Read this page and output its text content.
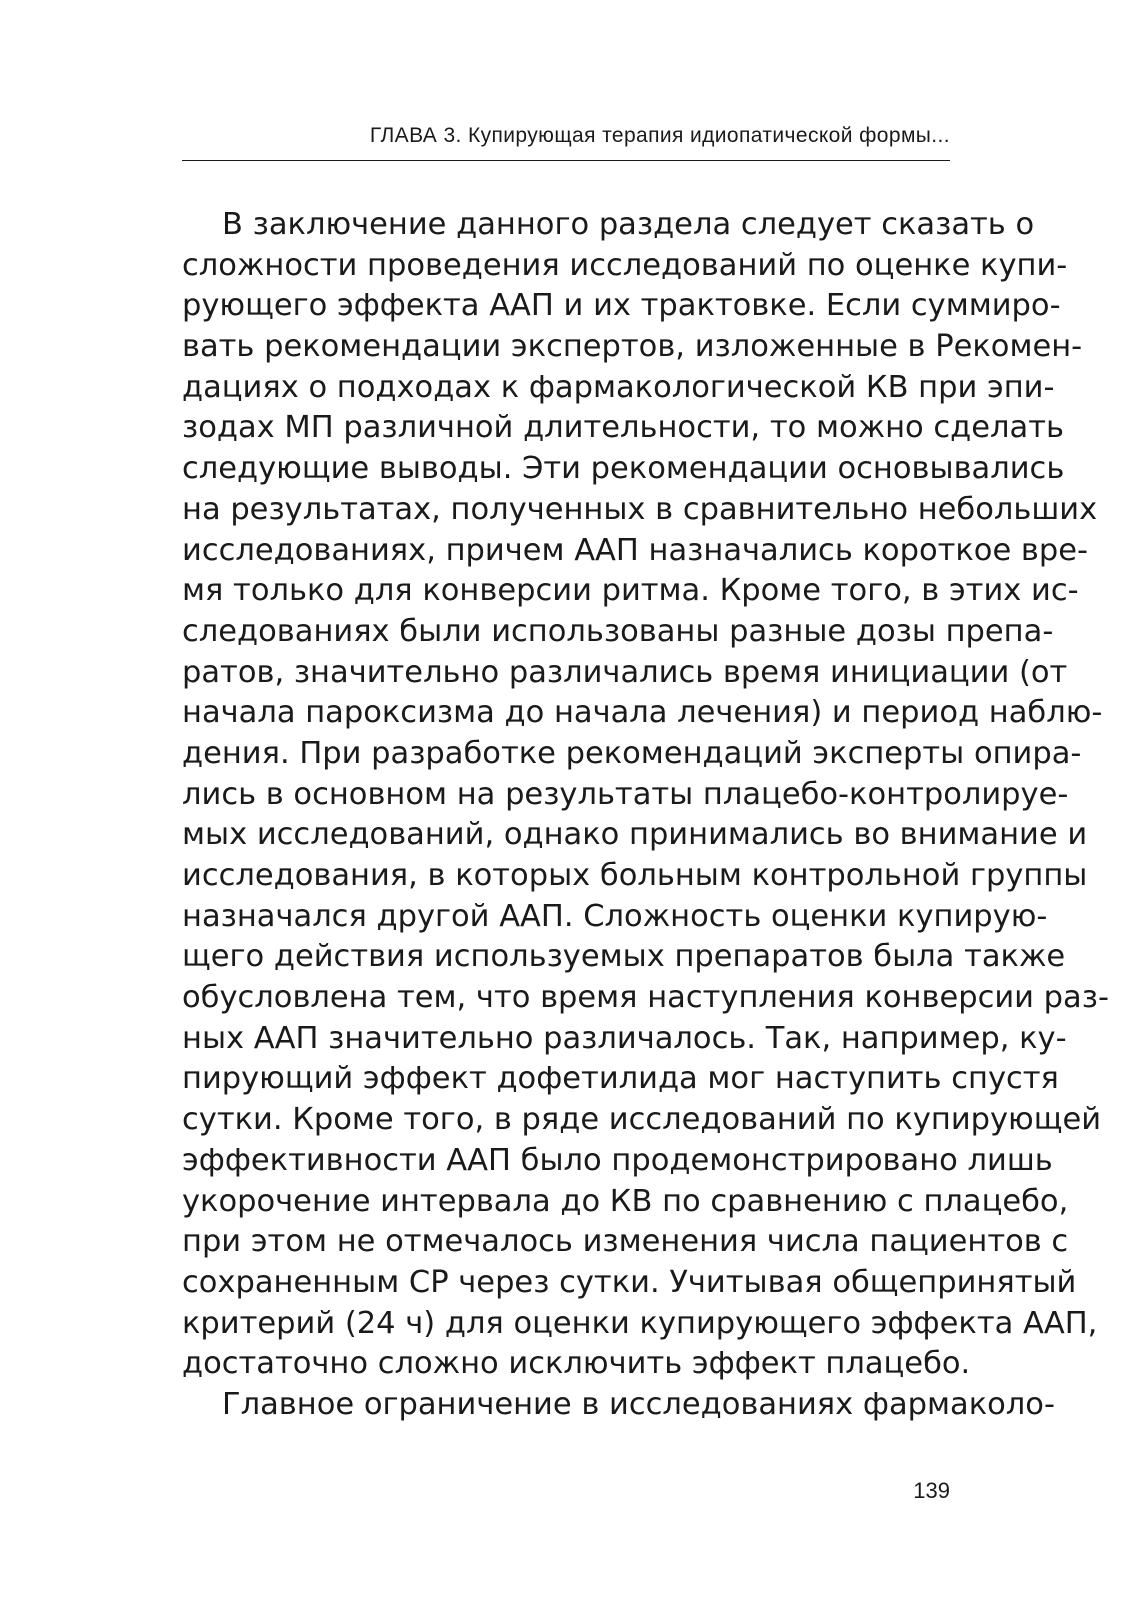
ГЛАВА 3. Купирующая терапия идиопатической формы...
В заключение данного раздела следует сказать о
сложности проведения исследований по оценке купи-
рующего эффекта ААП и их трактовке. Если суммиро-
вать рекомендации экспертов, изложенные в Рекомен-
дациях о подходах к фармакологической КВ при эпи-
зодах МП различной длительности, то можно сделать
следующие выводы. Эти рекомендации основывались
на результатах, полученных в сравнительно небольших
исследованиях, причем ААП назначались короткое вре-
мя только для конверсии ритма. Кроме того, в этих ис-
следованиях были использованы разные дозы препа-
ратов, значительно различались время инициации (от
начала пароксизма до начала лечения) и период наблю-
дения. При разработке рекомендаций эксперты опира-
лись в основном на результаты плацебо-контролируе-
мых исследований, однако принимались во внимание и
исследования, в которых больным контрольной группы
назначался другой ААП. Сложность оценки купирую-
щего действия используемых препаратов была также
обусловлена тем, что время наступления конверсии раз-
ных ААП значительно различалось. Так, например, ку-
пирующий эффект дофетилида мог наступить спустя
сутки. Кроме того, в ряде исследований по купирующей
эффективности ААП было продемонстрировано лишь
укорочение интервала до КВ по сравнению с плацебо,
при этом не отмечалось изменения числа пациентов с
сохраненным СР через сутки. Учитывая общепринятый
критерий (24 ч) для оценки купирующего эффекта ААП,
достаточно сложно исключить эффект плацебо.
Главное ограничение в исследованиях фармаколо-
139
